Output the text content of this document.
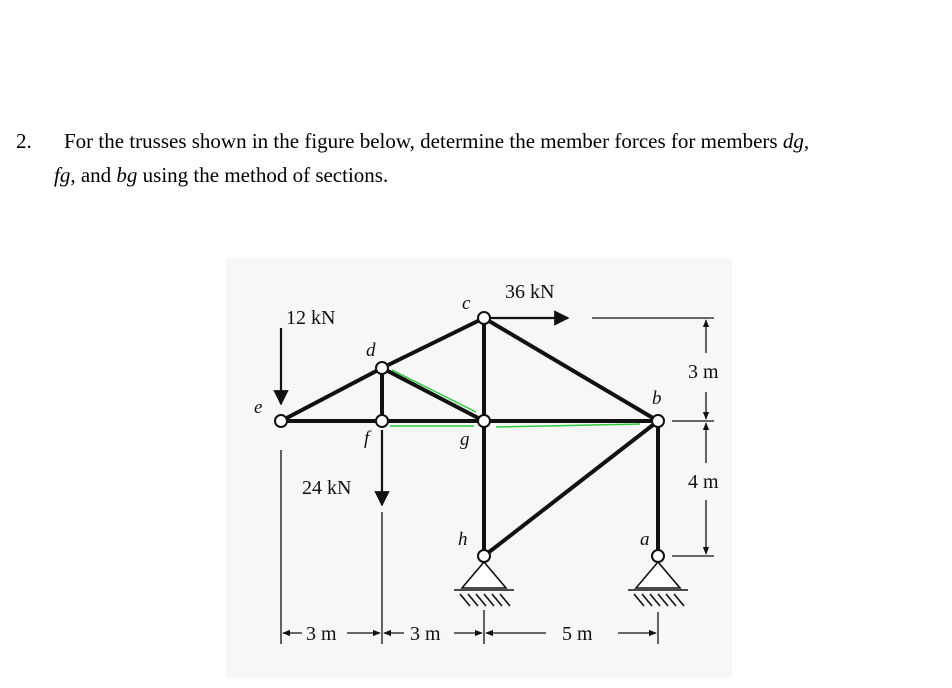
2. For the trusses shown in the figure below, determine the member forces for members dg,
fg, and bg using the method of sections.
e
d
c
f	g
b
h	a
12 kN
24 kN
36 kN
3 m
4 m
3 m	3 m	5 m
